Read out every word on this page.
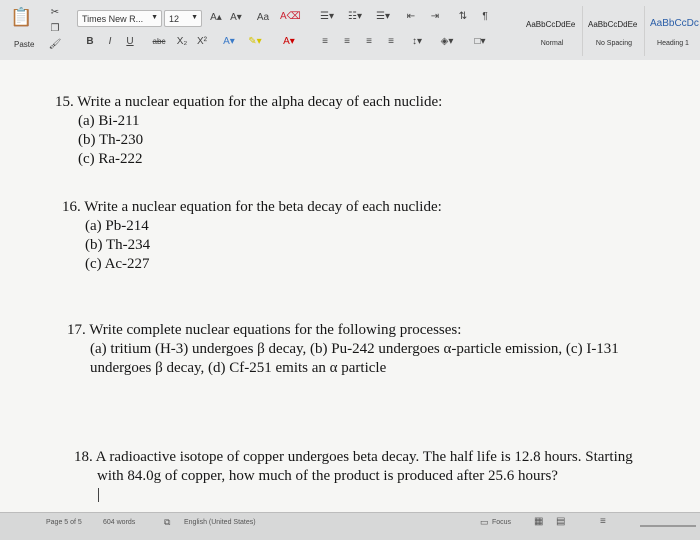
📋
Paste
✂
❐
🖌
Times New R... ▼ 12 ▼ A▴ A▾ Aa A⌫
B	I	U	abc	X₂ X²	A▾	✎▾	A▾
☰▾ ☷▾ ☰▾ ⇤ ⇥ ⇅	¶
≡	≡	≡	≡	↕▾	◈▾	□▾
AaBbCcDdEe
Normal
AaBbCcDdEe
No Spacing
AaBbCcDc
Heading 1
15. Write a nuclear equation for the alpha decay of each nuclide:
(a) Bi-211
(b) Th-230
(c) Ra-222
16. Write a nuclear equation for the beta decay of each nuclide:
(a) Pb-214
(b) Th-234
(c) Ac-227
17. Write complete nuclear equations for the following processes:
(a) tritium (H-3) undergoes β decay, (b) Pu-242 undergoes α-particle emission, (c) I-131
undergoes β decay, (d) Cf-251 emits an α particle
18. A radioactive isotope of copper undergoes beta decay. The half life is 12.8 hours. Starting
with 84.0g of copper, how much of the product is produced after 25.6 hours?
Page 5 of 5	604 words	⧉ English (United States)	▭ Focus ▦ ▤	≡
